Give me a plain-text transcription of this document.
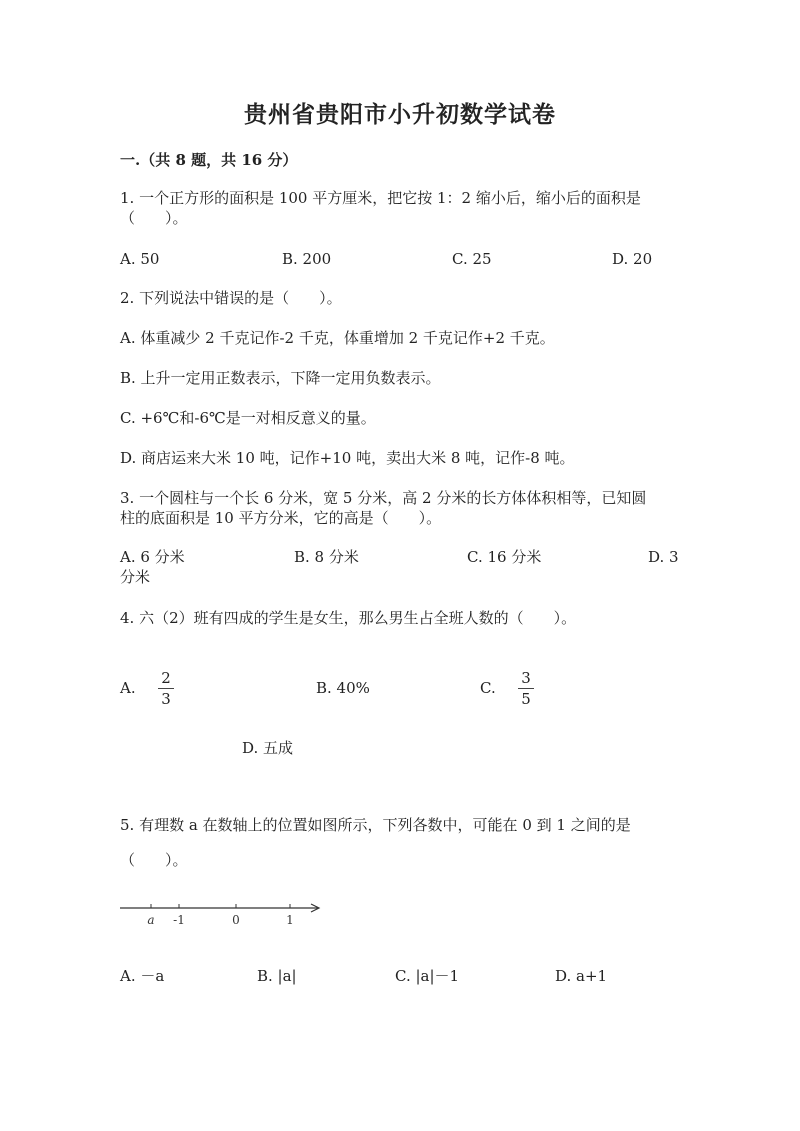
贵州省贵阳市小升初数学试卷
一.（共 8 题，共 16 分）
1. 一个正方形的面积是 100 平方厘米，把它按 1：2 缩小后，缩小后的面积是
（　　）。
A. 50	B. 200	C. 25	D. 20
2. 下列说法中错误的是（　　）。
A. 体重减少 2 千克记作-2 千克，体重增加 2 千克记作+2 千克。
B. 上升一定用正数表示，下降一定用负数表示。
C. +6℃和-6℃是一对相反意义的量。
D. 商店运来大米 10 吨，记作+10 吨，卖出大米 8 吨，记作-8 吨。
3. 一个圆柱与一个长 6 分米，宽 5 分米，高 2 分米的长方体体积相等，已知圆
柱的底面积是 10 平方分米，它的高是（　　）。
A. 6 分米	B. 8 分米	C. 16 分米	D. 3
分米
4. 六（2）班有四成的学生是女生，那么男生占全班人数的（　　）。
A.
2
3
B. 40%	C.
3
5
D. 五成
5. 有理数 a 在数轴上的位置如图所示，下列各数中，可能在 0 到 1 之间的是
（　　）。
a -1	0	1
A. －a	B. |a|	C. |a|－1	D. a+1
